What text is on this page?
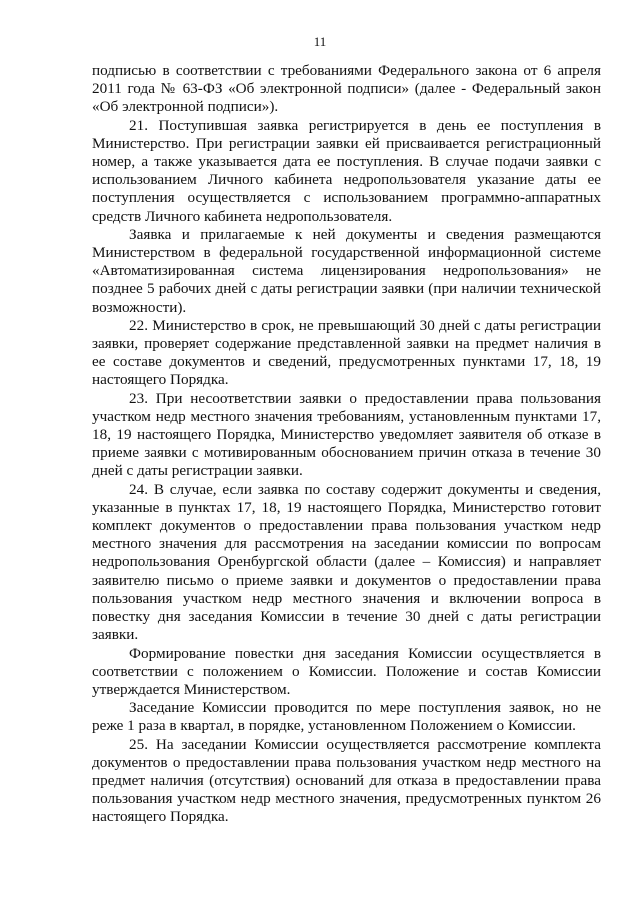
11

подписью в соответствии с требованиями Федерального закона от 6 апреля 2011 года № 63-ФЗ «Об электронной подписи» (далее - Федеральный закон «Об электронной подписи»).

21. Поступившая заявка регистрируется в день ее поступления в Министерство. При регистрации заявки ей присваивается регистрационный номер, а также указывается дата ее поступления. В случае подачи заявки с использованием Личного кабинета недропользователя указание даты ее поступления осуществляется с использованием программно-аппаратных средств Личного кабинета недропользователя.

Заявка и прилагаемые к ней документы и сведения размещаются Министерством в федеральной государственной информационной системе «Автоматизированная система лицензирования недропользования» не позднее 5 рабочих дней с даты регистрации заявки (при наличии технической возможности).

22. Министерство в срок, не превышающий 30 дней с даты регистрации заявки, проверяет содержание представленной заявки на предмет наличия в ее составе документов и сведений, предусмотренных пунктами 17, 18, 19 настоящего Порядка.

23. При несоответствии заявки о предоставлении права пользования участком недр местного значения требованиям, установленным пунктами 17, 18, 19 настоящего Порядка, Министерство уведомляет заявителя об отказе в приеме заявки с мотивированным обоснованием причин отказа в течение 30 дней с даты регистрации заявки.

24. В случае, если заявка по составу содержит документы и сведения, указанные в пунктах 17, 18, 19 настоящего Порядка, Министерство готовит комплект документов о предоставлении права пользования участком недр местного значения для рассмотрения на заседании комиссии по вопросам недропользования Оренбургской области (далее – Комиссия) и направляет заявителю письмо о приеме заявки и документов о предоставлении права пользования участком недр местного значения и включении вопроса в повестку дня заседания Комиссии в течение 30 дней с даты регистрации заявки.

Формирование повестки дня заседания Комиссии осуществляется в соответствии с положением о Комиссии. Положение и состав Комиссии утверждается Министерством.

Заседание Комиссии проводится по мере поступления заявок, но не реже 1 раза в квартал, в порядке, установленном Положением о Комиссии.

25. На заседании Комиссии осуществляется рассмотрение комплекта документов о предоставлении права пользования участком недр местного на предмет наличия (отсутствия) оснований для отказа в предоставлении права пользования участком недр местного значения, предусмотренных пунктом 26 настоящего Порядка.
